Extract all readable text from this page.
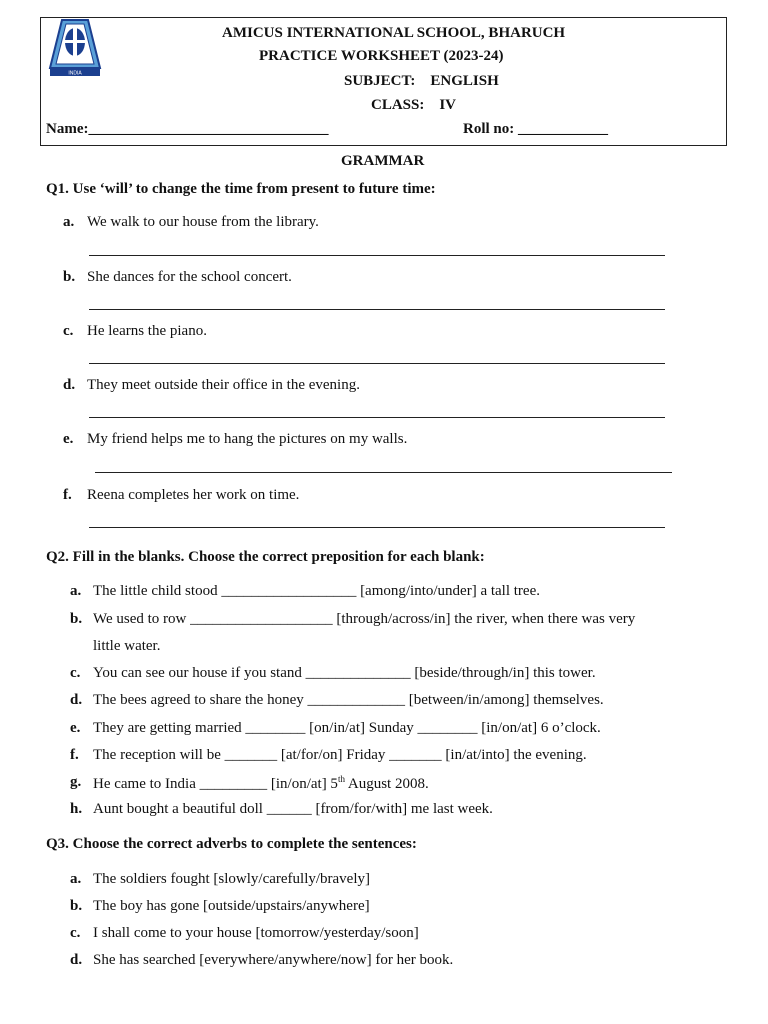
INDIA
AMICUS INTERNATIONAL SCHOOL, BHARUCH
PRACTICE WORKSHEET (2023-24)
SUBJECT:    ENGLISH
CLASS:    IV
Name:________________________________	Roll no: ____________
GRAMMAR
Q1. Use ‘will’ to change the time from present to future time:
a. We walk to our house from the library.
b. She dances for the school concert.
c. He learns the piano.
d. They meet outside their office in the evening.
e. My friend helps me to hang the pictures on my walls.
f. Reena completes her work on time.
Q2. Fill in the blanks. Choose the correct preposition for each blank:
a. The little child stood __________________ [among/into/under] a tall tree.
b. We used to row ___________________ [through/across/in] the river, when there was very
little water.
c. You can see our house if you stand ______________ [beside/through/in] this tower.
d. The bees agreed to share the honey _____________ [between/in/among] themselves.
e. They are getting married ________ [on/in/at] Sunday ________ [in/on/at] 6 o’clock.
f. The reception will be _______ [at/for/on] Friday _______ [in/at/into] the evening.
g. He came to India _________ [in/on/at] 5th August 2008.
h. Aunt bought a beautiful doll ______ [from/for/with] me last week.
Q3. Choose the correct adverbs to complete the sentences:
a. The soldiers fought [slowly/carefully/bravely]
b. The boy has gone [outside/upstairs/anywhere]
c. I shall come to your house [tomorrow/yesterday/soon]
d. She has searched [everywhere/anywhere/now] for her book.
